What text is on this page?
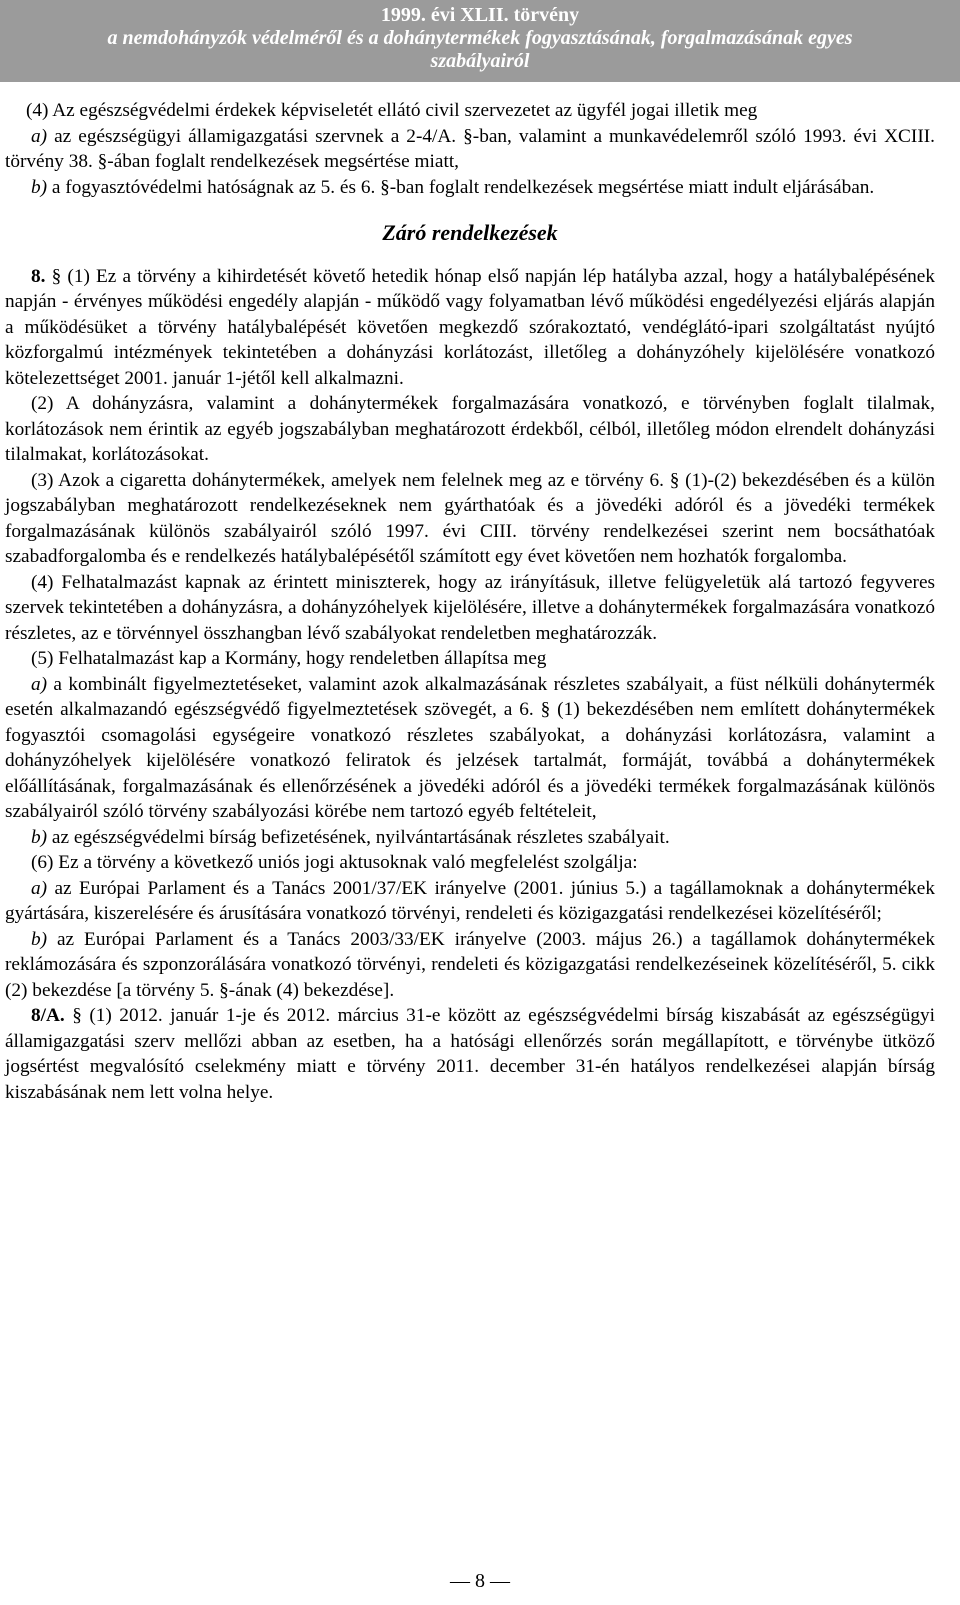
1999. évi XLII. törvény
a nemdohányzók védelméről és a dohánytermékek fogyasztásának, forgalmazásának egyes
szabályairól

(4) Az egészségvédelmi érdekek képviseletét ellátó civil szervezetet az ügyfél jogai illetik meg

a) az egészségügyi államigazgatási szervnek a 2-4/A. §-ban, valamint a munkavédelemről szóló 1993. évi XCIII. törvény 38. §-ában foglalt rendelkezések megsértése miatt,

b) a fogyasztóvédelmi hatóságnak az 5. és 6. §-ban foglalt rendelkezések megsértése miatt indult eljárásában.

Záró rendelkezések

8. § (1) Ez a törvény a kihirdetését követő hetedik hónap első napján lép hatályba azzal, hogy a hatálybalépésének napján - érvényes működési engedély alapján - működő vagy folyamatban lévő működési engedélyezési eljárás alapján a működésüket a törvény hatálybalépését követően megkezdő szórakoztató, vendéglátó-ipari szolgáltatást nyújtó közforgalmú intézmények tekintetében a dohányzási korlátozást, illetőleg a dohányzóhely kijelölésére vonatkozó kötelezettséget 2001. január 1-jétől kell alkalmazni.

(2) A dohányzásra, valamint a dohánytermékek forgalmazására vonatkozó, e törvényben foglalt tilalmak, korlátozások nem érintik az egyéb jogszabályban meghatározott érdekből, célból, illetőleg módon elrendelt dohányzási tilalmakat, korlátozásokat.

(3) Azok a cigaretta dohánytermékek, amelyek nem felelnek meg az e törvény 6. § (1)-(2) bekezdésében és a külön jogszabályban meghatározott rendelkezéseknek nem gyárthatóak és a jövedéki adóról és a jövedéki termékek forgalmazásának különös szabályairól szóló 1997. évi CIII. törvény rendelkezései szerint nem bocsáthatóak szabadforgalomba és e rendelkezés hatálybalépésétől számított egy évet követően nem hozhatók forgalomba.

(4) Felhatalmazást kapnak az érintett miniszterek, hogy az irányításuk, illetve felügyeletük alá tartozó fegyveres szervek tekintetében a dohányzásra, a dohányzóhelyek kijelölésére, illetve a dohánytermékek forgalmazására vonatkozó részletes, az e törvénnyel összhangban lévő szabályokat rendeletben meghatározzák.

(5) Felhatalmazást kap a Kormány, hogy rendeletben állapítsa meg

a) a kombinált figyelmeztetéseket, valamint azok alkalmazásának részletes szabályait, a füst nélküli dohánytermék esetén alkalmazandó egészségvédő figyelmeztetések szövegét, a 6. § (1) bekezdésében nem említett dohánytermékek fogyasztói csomagolási egységeire vonatkozó részletes szabályokat, a dohányzási korlátozásra, valamint a dohányzóhelyek kijelölésére vonatkozó feliratok és jelzések tartalmát, formáját, továbbá a dohánytermékek előállításának, forgalmazásának és ellenőrzésének a jövedéki adóról és a jövedéki termékek forgalmazásának különös szabályairól szóló törvény szabályozási körébe nem tartozó egyéb feltételeit,

b) az egészségvédelmi bírság befizetésének, nyilvántartásának részletes szabályait.

(6) Ez a törvény a következő uniós jogi aktusoknak való megfelelést szolgálja:

a) az Európai Parlament és a Tanács 2001/37/EK irányelve (2001. június 5.) a tagállamoknak a dohánytermékek gyártására, kiszerelésére és árusítására vonatkozó törvényi, rendeleti és közigazgatási rendelkezései közelítéséről;

b) az Európai Parlament és a Tanács 2003/33/EK irányelve (2003. május 26.) a tagállamok dohánytermékek reklámozására és szponzorálására vonatkozó törvényi, rendeleti és közigazgatási rendelkezéseinek közelítéséről, 5. cikk (2) bekezdése [a törvény 5. §-ának (4) bekezdése].

8/A. § (1) 2012. január 1-je és 2012. március 31-e között az egészségvédelmi bírság kiszabását az egészségügyi államigazgatási szerv mellőzi abban az esetben, ha a hatósági ellenőrzés során megállapított, e törvénybe ütköző jogsértést megvalósító cselekmény miatt e törvény 2011. december 31-én hatályos rendelkezései alapján bírság kiszabásának nem lett volna helye.

— 8 —
